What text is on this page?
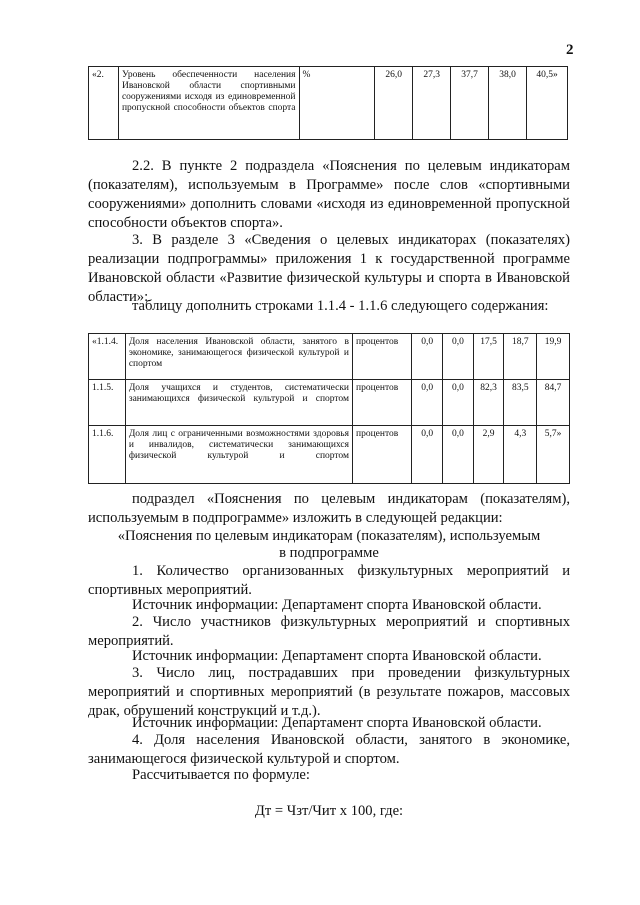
2
«2.	Уровень обеспеченности населения Ивановской области спортивными сооружениями исходя из единовременной пропускной способности объектов спорта	%	26,0	27,3	37,7	38,0	40,5»
2.2. В пункте 2 подраздела «Пояснения по целевым индикаторам (показателям), используемым в Программе» после слов «спортивными сооружениями» дополнить словами «исходя из единовременной пропускной способности объектов спорта».
3. В разделе 3 «Сведения о целевых индикаторах (показателях) реализации подпрограммы» приложения 1 к государственной программе Ивановской области «Развитие физической культуры и спорта в Ивановской области»:
таблицу дополнить строками 1.1.4 - 1.1.6 следующего содержания:
«1.1.4.	Доля населения Ивановской области, занятого в экономике, занимающегося физической культурой и спортом	процентов	0,0	0,0	17,5	18,7	19,9
1.1.5.	Доля учащихся и студентов, систематически занимающихся физической культурой и спортом	процентов	0,0	0,0	82,3	83,5	84,7
1.1.6.	Доля лиц с ограниченными возможностями здоровья и инвалидов, систематически занимающихся физической культурой и спортом	процентов	0,0	0,0	2,9	4,3	5,7»
подраздел «Пояснения по целевым индикаторам (показателям), используемым в подпрограмме» изложить в следующей редакции:
«Пояснения по целевым индикаторам (показателям), используемым
в подпрограмме
1. Количество организованных физкультурных мероприятий и спортивных мероприятий.
Источник информации: Департамент спорта Ивановской области.
2. Число участников физкультурных мероприятий и спортивных мероприятий.
Источник информации: Департамент спорта Ивановской области.
3. Число лиц, пострадавших при проведении физкультурных мероприятий и спортивных мероприятий (в результате пожаров, массовых драк, обрушений конструкций и т.д.).
Источник информации: Департамент спорта Ивановской области.
4. Доля населения Ивановской области, занятого в экономике, занимающегося физической культурой и спортом.
Рассчитывается по формуле:
Дт = Чзт/Чит х 100, где:
